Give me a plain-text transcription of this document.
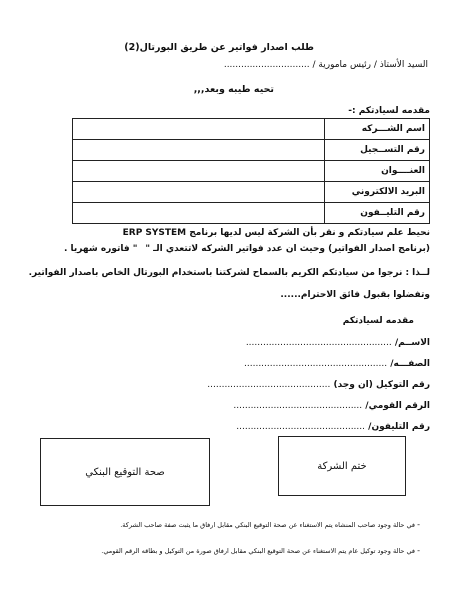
طلب اصدار فواتير عن طريق البورتال(2)
السيد الأستاذ / رئيس مامورية / ..............................
تحيه طيبه وبعد,,,
مقدمه لسيادتكم :-
اسم الشـــركه	
رقم التســجيل	
العنــــوان	
البريد الالكتروني	
رقم التليــفون	
نحيط علم سيادتكم و نقر بأن الشركة ليس لديها برنامج ERP SYSTEM
(برنامج اصدار الفواتير) وحيث ان عدد فواتير الشركه لاتتعدي الـ "
" فاتوره شهريا .
لــذا : نرجوا من سيادتكم الكريم بالسماح لشركتنا باستخدام البورتال الخاص باصدار الفواتير.
وتفضلوا بقبول فائق الاحترام......
مقدمه لسيادتكم
الاســم/ ...................................................
الصفـــه/ ..................................................
رقم التوكيل (ان وجد) ...........................................
الرقم القومي/ .............................................
رقم التليفون/ .............................................
صحة التوقيع البنكي
ختم الشركة
- في حالة وجود صاحب المنشاه يتم الاستغناء عن صحة التوقيع البنكي مقابل ارفاق ما يثبت صفة صاحب الشركة.
- في حالة وجود توكيل عام يتم الاستغناء عن صحة التوقيع البنكي مقابل ارفاق صورة من التوكيل و بطاقه الرقم القومي.
